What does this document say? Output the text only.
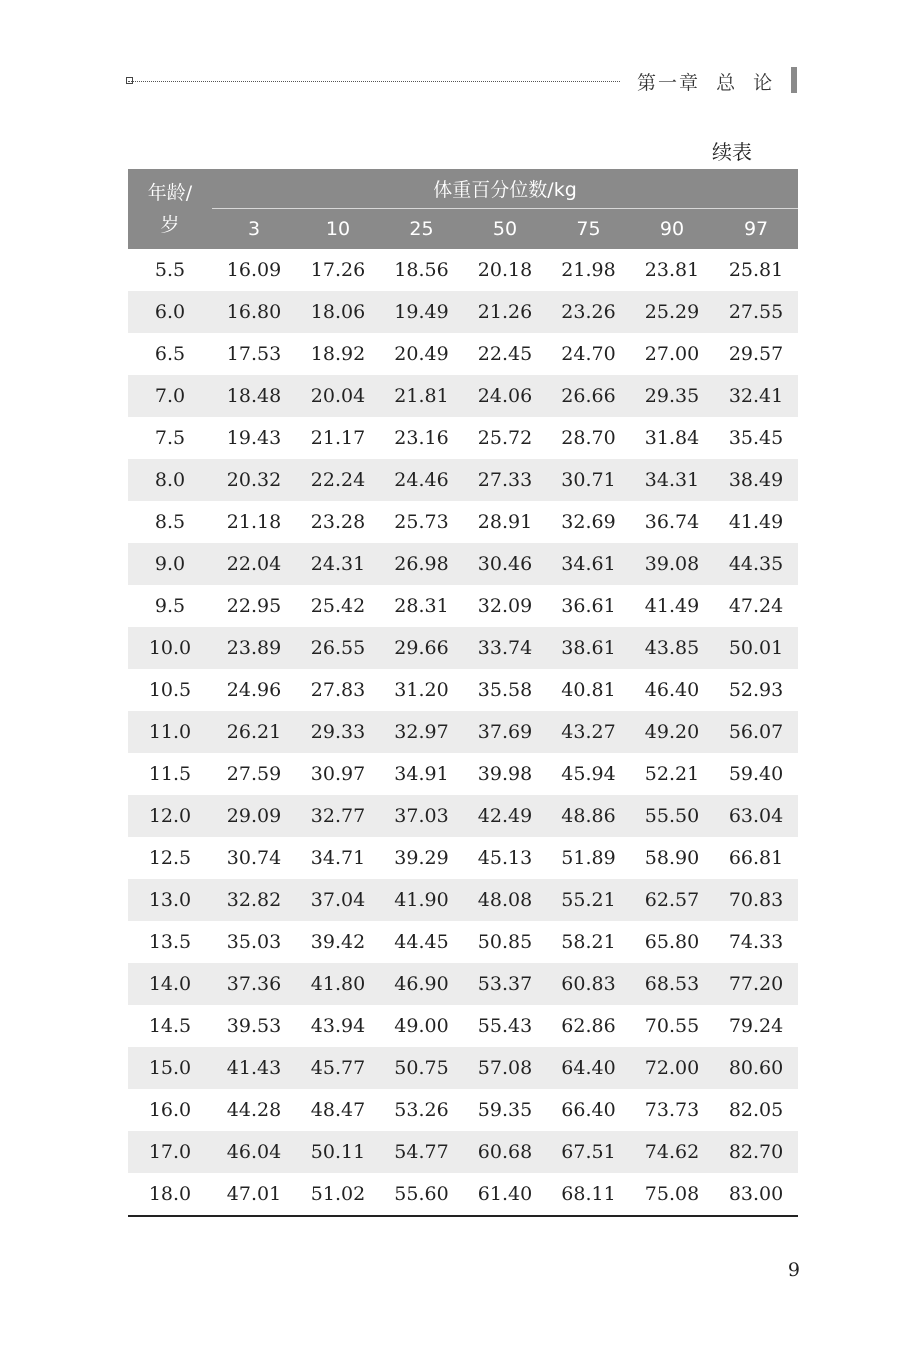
第一章  总  论
续表
年龄/
岁	体重百分位数/kg						
	3	10	25	50	75	90	97
5.5	16.09	17.26	18.56	20.18	21.98	23.81	25.81
6.0	16.80	18.06	19.49	21.26	23.26	25.29	27.55
6.5	17.53	18.92	20.49	22.45	24.70	27.00	29.57
7.0	18.48	20.04	21.81	24.06	26.66	29.35	32.41
7.5	19.43	21.17	23.16	25.72	28.70	31.84	35.45
8.0	20.32	22.24	24.46	27.33	30.71	34.31	38.49
8.5	21.18	23.28	25.73	28.91	32.69	36.74	41.49
9.0	22.04	24.31	26.98	30.46	34.61	39.08	44.35
9.5	22.95	25.42	28.31	32.09	36.61	41.49	47.24
10.0	23.89	26.55	29.66	33.74	38.61	43.85	50.01
10.5	24.96	27.83	31.20	35.58	40.81	46.40	52.93
11.0	26.21	29.33	32.97	37.69	43.27	49.20	56.07
11.5	27.59	30.97	34.91	39.98	45.94	52.21	59.40
12.0	29.09	32.77	37.03	42.49	48.86	55.50	63.04
12.5	30.74	34.71	39.29	45.13	51.89	58.90	66.81
13.0	32.82	37.04	41.90	48.08	55.21	62.57	70.83
13.5	35.03	39.42	44.45	50.85	58.21	65.80	74.33
14.0	37.36	41.80	46.90	53.37	60.83	68.53	77.20
14.5	39.53	43.94	49.00	55.43	62.86	70.55	79.24
15.0	41.43	45.77	50.75	57.08	64.40	72.00	80.60
16.0	44.28	48.47	53.26	59.35	66.40	73.73	82.05
17.0	46.04	50.11	54.77	60.68	67.51	74.62	82.70
18.0	47.01	51.02	55.60	61.40	68.11	75.08	83.00
9
